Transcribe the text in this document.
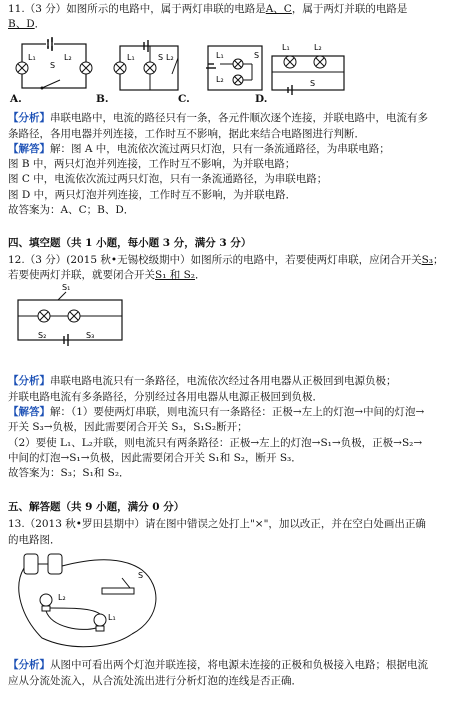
11.（3 分）如图所示的电路中，属于两灯串联的电路是A、C，属于两灯并联的电路是
B、D．
L₁	L₂
S
A.
L₁	S L₂
B.
L₁
L₂
S
C.
L₁	L₂
S
D.
【分析】串联电路中，电流的路径只有一条，各元件顺次逐个连接，并联电路中，电流有多
条路径，各用电器并列连接，工作时互不影响，据此来结合电路图进行判断．
【解答】解：图 A 中，电流依次流过两只灯泡，只有一条流通路径，为串联电路；
图 B 中，两只灯泡并列连接，工作时互不影响，为并联电路；
图 C 中，电流依次流过两只灯泡，只有一条流通路径，为串联电路；
图 D 中，两只灯泡并列连接，工作时互不影响，为并联电路．
故答案为：A、C；B、D．
四、填空题（共 1 小题，每小题 3 分，满分 3 分）
12.（3 分）(2015 秋•无锡校级期中）如图所示的电路中，若要使两灯串联，应闭合开关S₃；
若要使两灯并联，就要闭合开关S₁ 和 S₂．
S₁
S₂	S₃
【分析】串联电路电流只有一条路径，电流依次经过各用电器从正极回到电源负极；
并联电路电流有多条路径，分别经过各用电器从电源正极回到负极．
【解答】解：（1）要使两灯串联，则电流只有一条路径：正极→左上的灯泡→中间的灯泡→
开关 S₃→负极，因此需要闭合开关 S₃，S₁S₂断开；
（2）要使 L₁、L₂并联，则电流只有两条路径：正极→左上的灯泡→S₁→负极，正极→S₂→
中间的灯泡→S₁→负极，因此需要闭合开关 S₁和 S₂，断开 S₃．
故答案为：S₃；S₁和 S₂．
五、解答题（共 9 小题，满分 0 分）
13.（2013 秋•罗田县期中）请在图中错误之处打上"×"，加以改正，并在空白处画出正确
的电路图．
S
L₂
L₁
【分析】从图中可看出两个灯泡并联连接，将电源未连接的正极和负极接入电路；根据电流
应从分流处流入，从合流处流出进行分析灯泡的连线是否正确．
